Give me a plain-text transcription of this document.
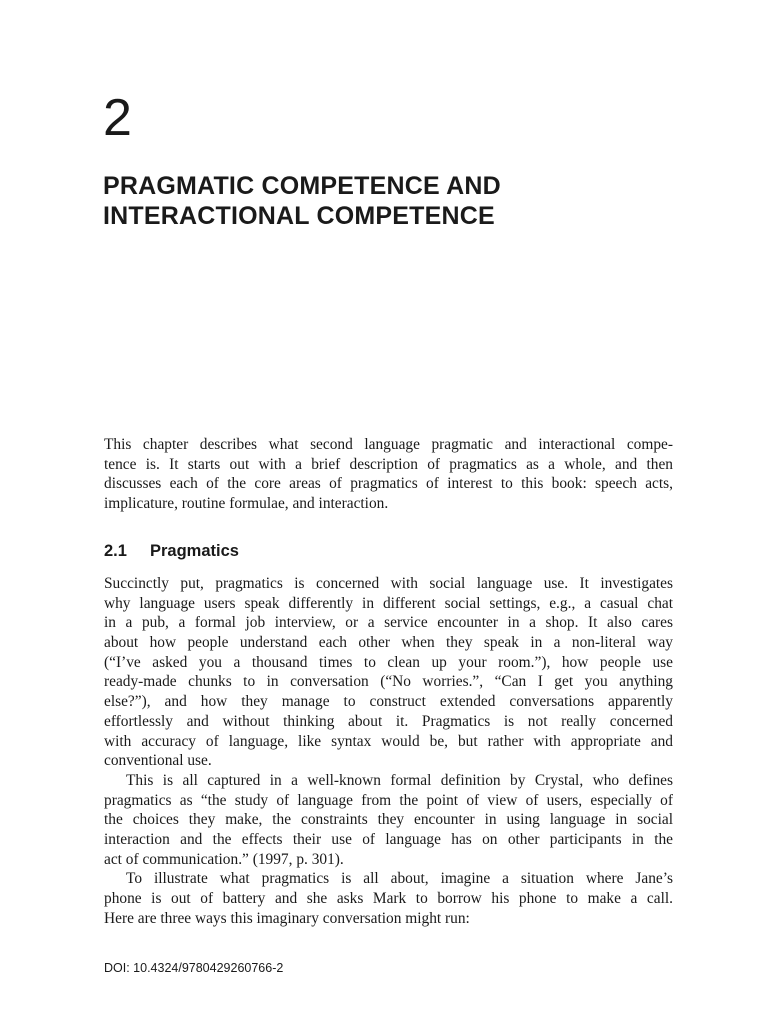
2
PRAGMATIC COMPETENCE AND
INTERACTIONAL COMPETENCE
This chapter describes what second language pragmatic and interactional compe-
tence is. It starts out with a brief description of pragmatics as a whole, and then
discusses each of the core areas of pragmatics of interest to this book: speech acts,
implicature, routine formulae, and interaction.
2.1 Pragmatics
Succinctly put, pragmatics is concerned with social language use. It investigates
why language users speak differently in different social settings, e.g., a casual chat
in a pub, a formal job interview, or a service encounter in a shop. It also cares
about how people understand each other when they speak in a non-literal way
(“I’ve asked you a thousand times to clean up your room.”), how people use
ready-made chunks to in conversation (“No worries.”, “Can I get you anything
else?”), and how they manage to construct extended conversations apparently
effortlessly and without thinking about it. Pragmatics is not really concerned
with accuracy of language, like syntax would be, but rather with appropriate and
conventional use.
This is all captured in a well-known formal definition by Crystal, who defines
pragmatics as “the study of language from the point of view of users, especially of
the choices they make, the constraints they encounter in using language in social
interaction and the effects their use of language has on other participants in the
act of communication.” (1997, p. 301).
To illustrate what pragmatics is all about, imagine a situation where Jane’s
phone is out of battery and she asks Mark to borrow his phone to make a call.
Here are three ways this imaginary conversation might run:
DOI: 10.4324/9780429260766-2
